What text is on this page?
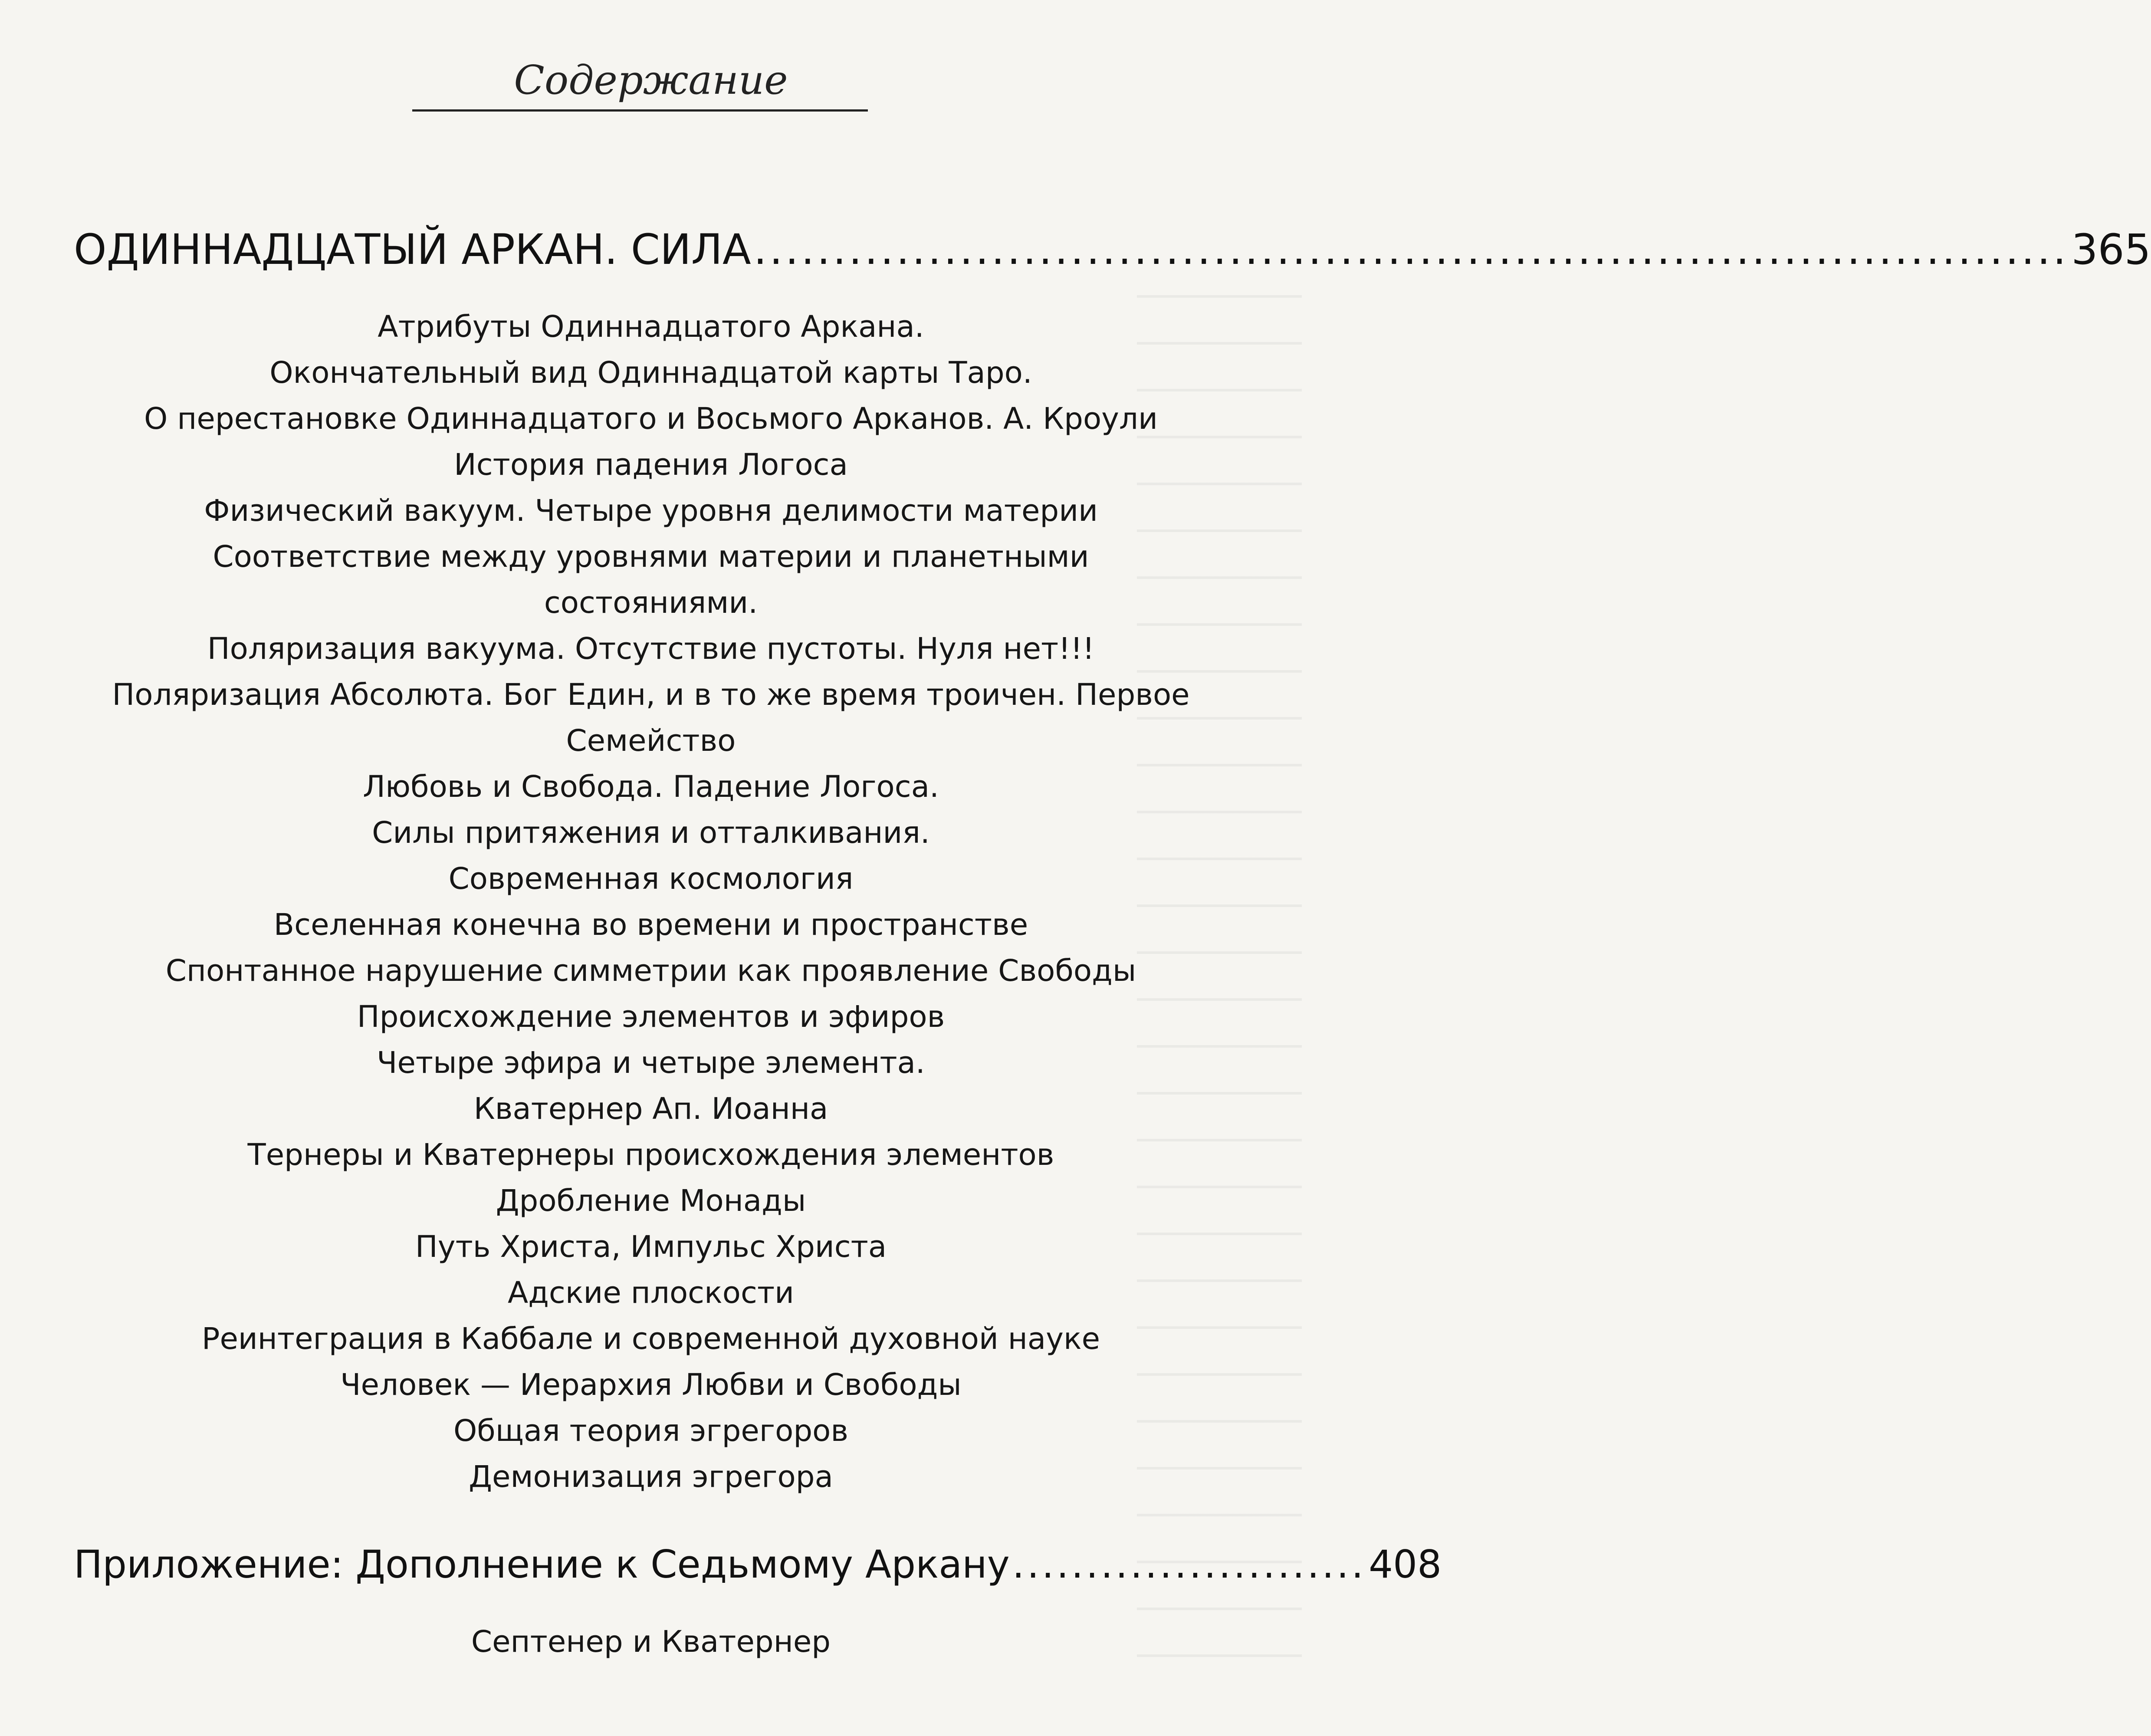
Содержание
ОДИННАДЦАТЫЙ АРКАН. СИЛА ................................................................................... 365
Атрибуты Одиннадцатого Аркана.
Окончательный вид Одиннадцатой карты Таро.
О перестановке Одиннадцатого и Восьмого Арканов. А. Кроули
История падения Логоса
Физический вакуум. Четыре уровня делимости материи
Соответствие между уровнями материи и планетными
состояниями.
Поляризация вакуума. Отсутствие пустоты. Нуля нет!!!
Поляризация Абсолюта. Бог Един, и в то же время троичен. Первое
Семейство
Любовь и Свобода. Падение Логоса.
Силы притяжения и отталкивания.
Современная космология
Вселенная конечна во времени и пространстве
Спонтанное нарушение симметрии как проявление Свободы
Происхождение элементов и эфиров
Четыре эфира и четыре элемента.
Кватернер Ап. Иоанна
Тернеры и Кватернеры происхождения элементов
Дробление Монады
Путь Христа, Импульс Христа
Адские плоскости
Реинтеграция в Каббале и современной духовной науке
Человек — Иерархия Любви и Свободы
Общая теория эгрегоров
Демонизация эгрегора
Приложение: Дополнение к Седьмому Аркану ........................ 408
Септенер и Кватернер
